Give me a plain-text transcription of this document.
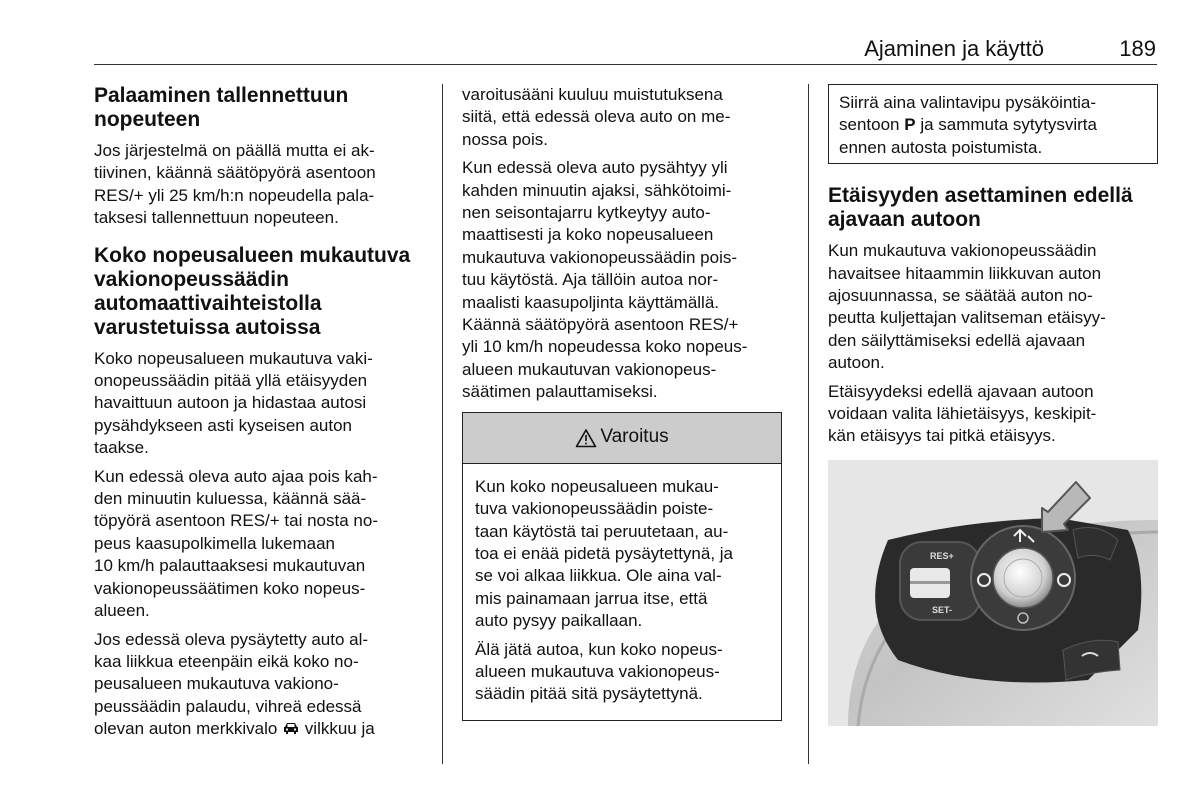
Ajaminen ja käyttö	189
Palaaminen tallennettuun
nopeuteen

Jos järjestelmä on päällä mutta ei ak-
tiivinen, käännä säätöpyörä asentoon
RES/+ yli 25 km/h:n nopeudella pala-
taksesi tallennettuun nopeuteen.

Koko nopeusalueen mukautuva
vakionopeussäädin
automaattivaihteistolla
varustetuissa autoissa

Koko nopeusalueen mukautuva vaki-
onopeussäädin pitää yllä etäisyyden
havaittuun autoon ja hidastaa autosi
pysähdykseen asti kyseisen auton
taakse.

Kun edessä oleva auto ajaa pois kah-
den minuutin kuluessa, käännä sää-
töpyörä asentoon RES/+ tai nosta no-
peus kaasupolkimella lukemaan
10 km/h palauttaaksesi mukautuvan
vakionopeussäätimen koko nopeus-
alueen.

Jos edessä oleva pysäytetty auto al-
kaa liikkua eteenpäin eikä koko no-
peusalueen mukautuva vakiono-
peussäädin palaudu, vihreä edessä
olevan auton merkkivalo vilkkuu ja

varoitusääni kuuluu muistutuksena
siitä, että edessä oleva auto on me-
nossa pois.

Kun edessä oleva auto pysähtyy yli
kahden minuutin ajaksi, sähkötoimi-
nen seisontajarru kytkeytyy auto-
maattisesti ja koko nopeusalueen
mukautuva vakionopeussäädin pois-
tuu käytöstä. Aja tällöin autoa nor-
maalisti kaasupoljinta käyttämällä.
Käännä säätöpyörä asentoon RES/+
yli 10 km/h nopeudessa koko nopeus-
alueen mukautuvan vakionopeus-
säätimen palauttamiseksi.

Varoitus

Kun koko nopeusalueen mukau-
tuva vakionopeussäädin poiste-
taan käytöstä tai peruutetaan, au-
toa ei enää pidetä pysäytettynä, ja
se voi alkaa liikkua. Ole aina val-
mis painamaan jarrua itse, että
auto pysyy paikallaan.

Älä jätä autoa, kun koko nopeus-
alueen mukautuva vakionopeus-
säädin pitää sitä pysäytettynä.

Siirrä aina valintavipu pysäköintia-
sentoon P ja sammuta sytytysvirta
ennen autosta poistumista.
Etäisyyden asettaminen edellä
ajavaan autoon

Kun mukautuva vakionopeussäädin
havaitsee hitaammin liikkuvan auton
ajosuunnassa, se säätää auton no-
peutta kuljettajan valitseman etäisyy-
den säilyttämiseksi edellä ajavaan
autoon.

Etäisyydeksi edellä ajavaan autoon
voidaan valita lähietäisyys, keskipit-
kän etäisyys tai pitkä etäisyys.

RES+
SET-
